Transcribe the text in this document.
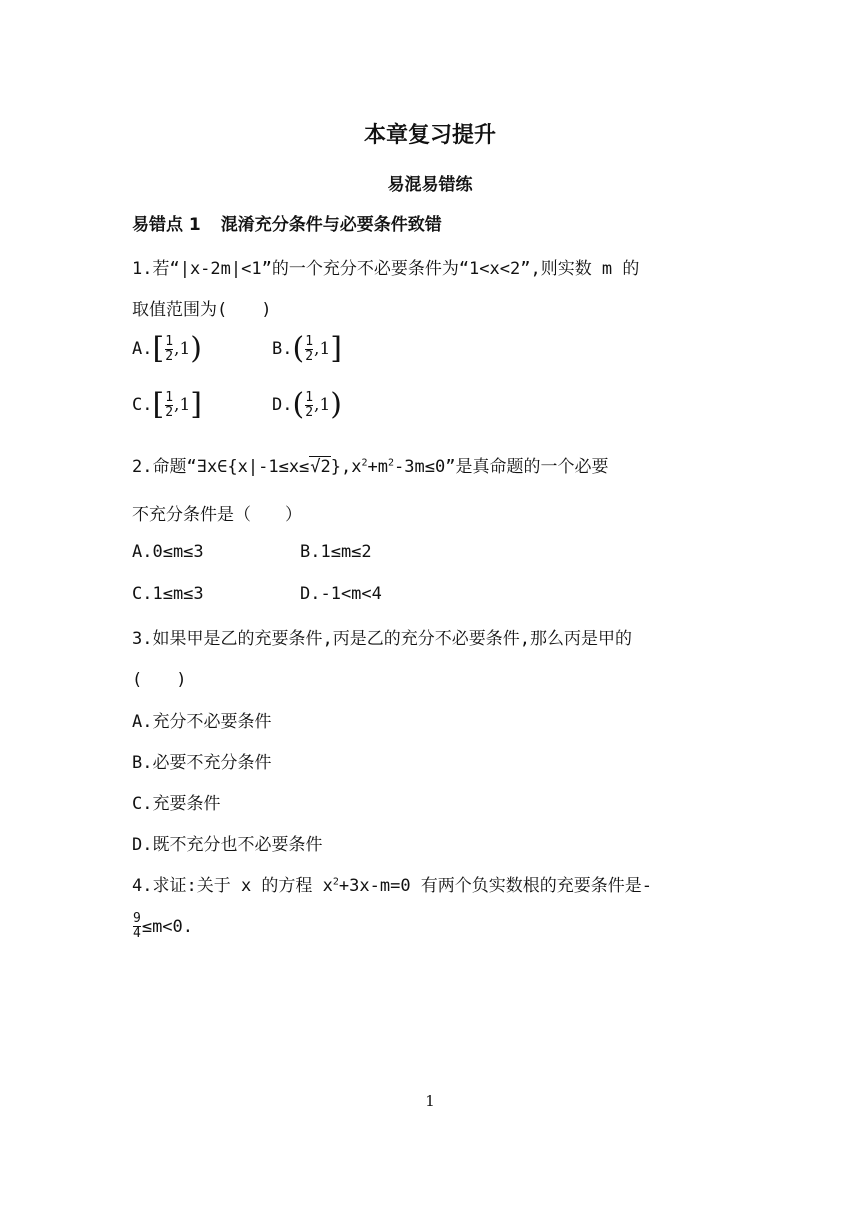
本章复习提升
易混易错练
易错点 1 混淆充分条件与必要条件致错
1.若“|x-2m|<1”的一个充分不必要条件为“1<x<2”,则实数 m 的
取值范围为(　　)
A. [ $\frac{1}{2}$ , 1 )	B. ( $\frac{1}{2}$ , 1 ]
C. [ $\frac{1}{2}$ , 1 ]	D. ( $\frac{1}{2}$ , 1 )
2.命题“$\exists x\in\{x|-1\le x\le√2\},x^2+m^2-3m\le 0$”是真命题的一个必要
不充分条件是（　　）
A.0≤m≤3	B.1≤m≤2
C.1≤m≤3	D.-1<m<4
3.如果甲是乙的充要条件,丙是乙的充分不必要条件,那么丙是甲的
(　　)
A.充分不必要条件
B.必要不充分条件
C.充要条件
D.既不充分也不必要条件
4.求证:关于 x 的方程 $x^2+3x-m=0$ 有两个负实数根的充要条件是-
$\frac{9}{4} \le m<0$.
1
